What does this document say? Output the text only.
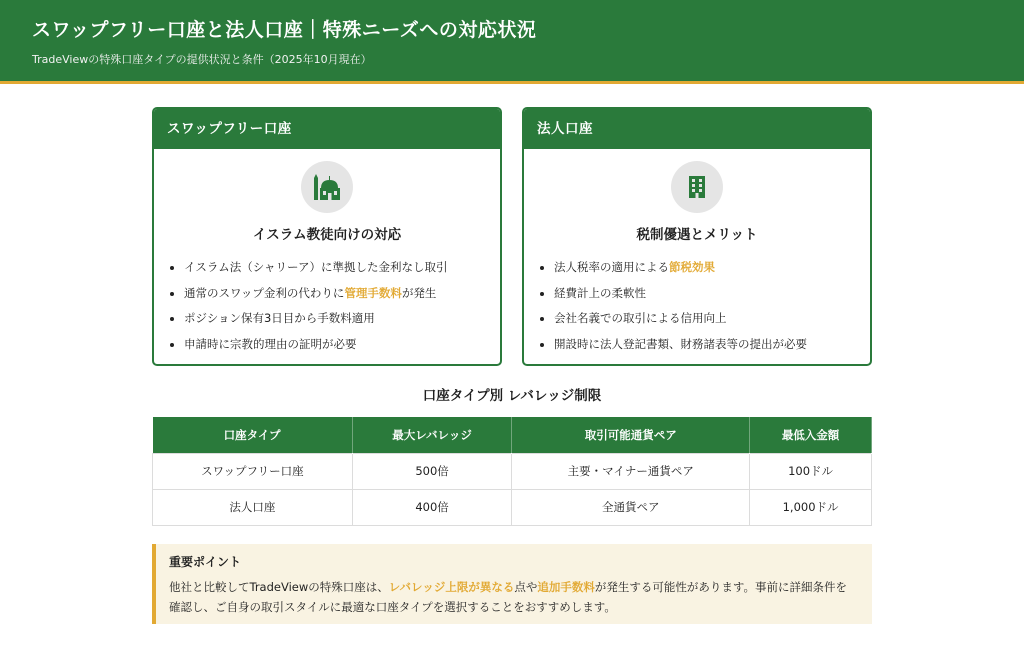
スワップフリー口座と法人口座｜特殊ニーズへの対応状況
TradeViewの特殊口座タイプの提供状況と条件（2025年10月現在）
スワップフリー口座
イスラム教徒向けの対応
イスラム法（シャリーア）に準拠した金利なし取引
通常のスワップ金利の代わりに管理手数料が発生
ポジション保有3日目から手数料適用
申請時に宗教的理由の証明が必要
法人口座
税制優遇とメリット
法人税率の適用による節税効果
経費計上の柔軟性
会社名義での取引による信用向上
開設時に法人登記書類、財務諸表等の提出が必要
口座タイプ別 レバレッジ制限
口座タイプ	最大レバレッジ	取引可能通貨ペア	最低入金額
スワップフリー口座	500倍	主要・マイナー通貨ペア	100ドル
法人口座	400倍	全通貨ペア	1,000ドル
重要ポイント
他社と比較してTradeViewの特殊口座は、レバレッジ上限が異なる点や追加手数料が発生する可能性があります。事前に詳細条件を確認し、ご自身の取引スタイルに最適な口座タイプを選択することをおすすめします。
